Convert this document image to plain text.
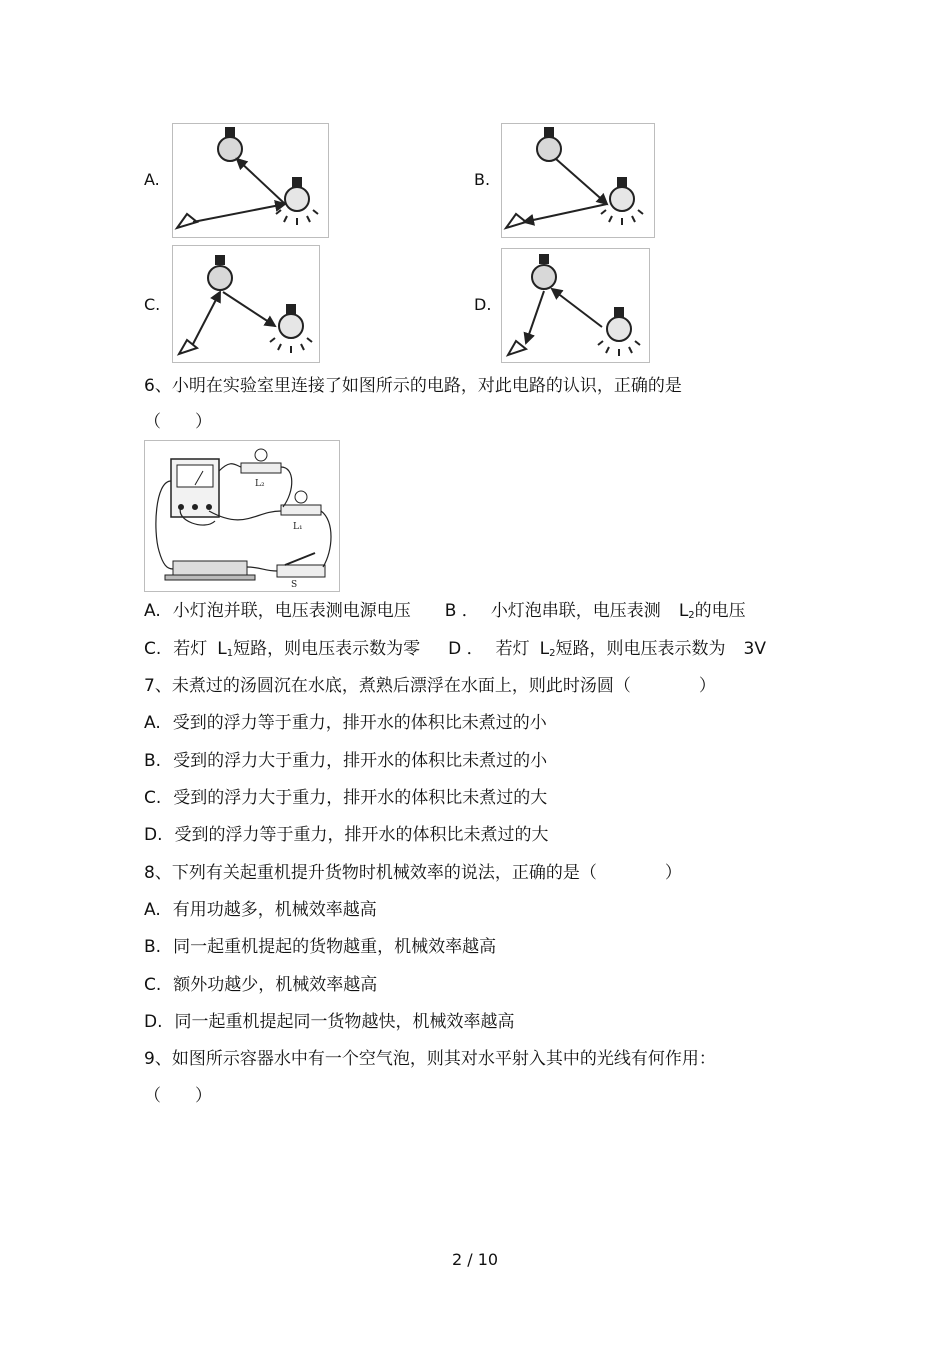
A.	B.
C.	D.
6、小明在实验室里连接了如图所示的电路，对此电路的认识，正确的是
（　　）
L₂
L₁
S
A. 小灯泡并联，电压表测电源电压 B ． 小灯泡串联，电压表测 $L_2$的电压
C. 若灯 $L_1$短路，则电压表示数为零 D ． 若灯 $L_2$短路，则电压表示数为 3V
7、未煮过的汤圆沉在水底，煮熟后漂浮在水面上，则此时汤圆（　　　　）
A. 受到的浮力等于重力，排开水的体积比未煮过的小
B. 受到的浮力大于重力，排开水的体积比未煮过的小
C. 受到的浮力大于重力，排开水的体积比未煮过的大
D. 受到的浮力等于重力，排开水的体积比未煮过的大
8、下列有关起重机提升货物时机械效率的说法，正确的是（　　　　）
A. 有用功越多，机械效率越高
B. 同一起重机提起的货物越重，机械效率越高
C. 额外功越少，机械效率越高
D. 同一起重机提起同一货物越快，机械效率越高
9、如图所示容器水中有一个空气泡，则其对水平射入其中的光线有何作用：
（　　）
2 / 10
